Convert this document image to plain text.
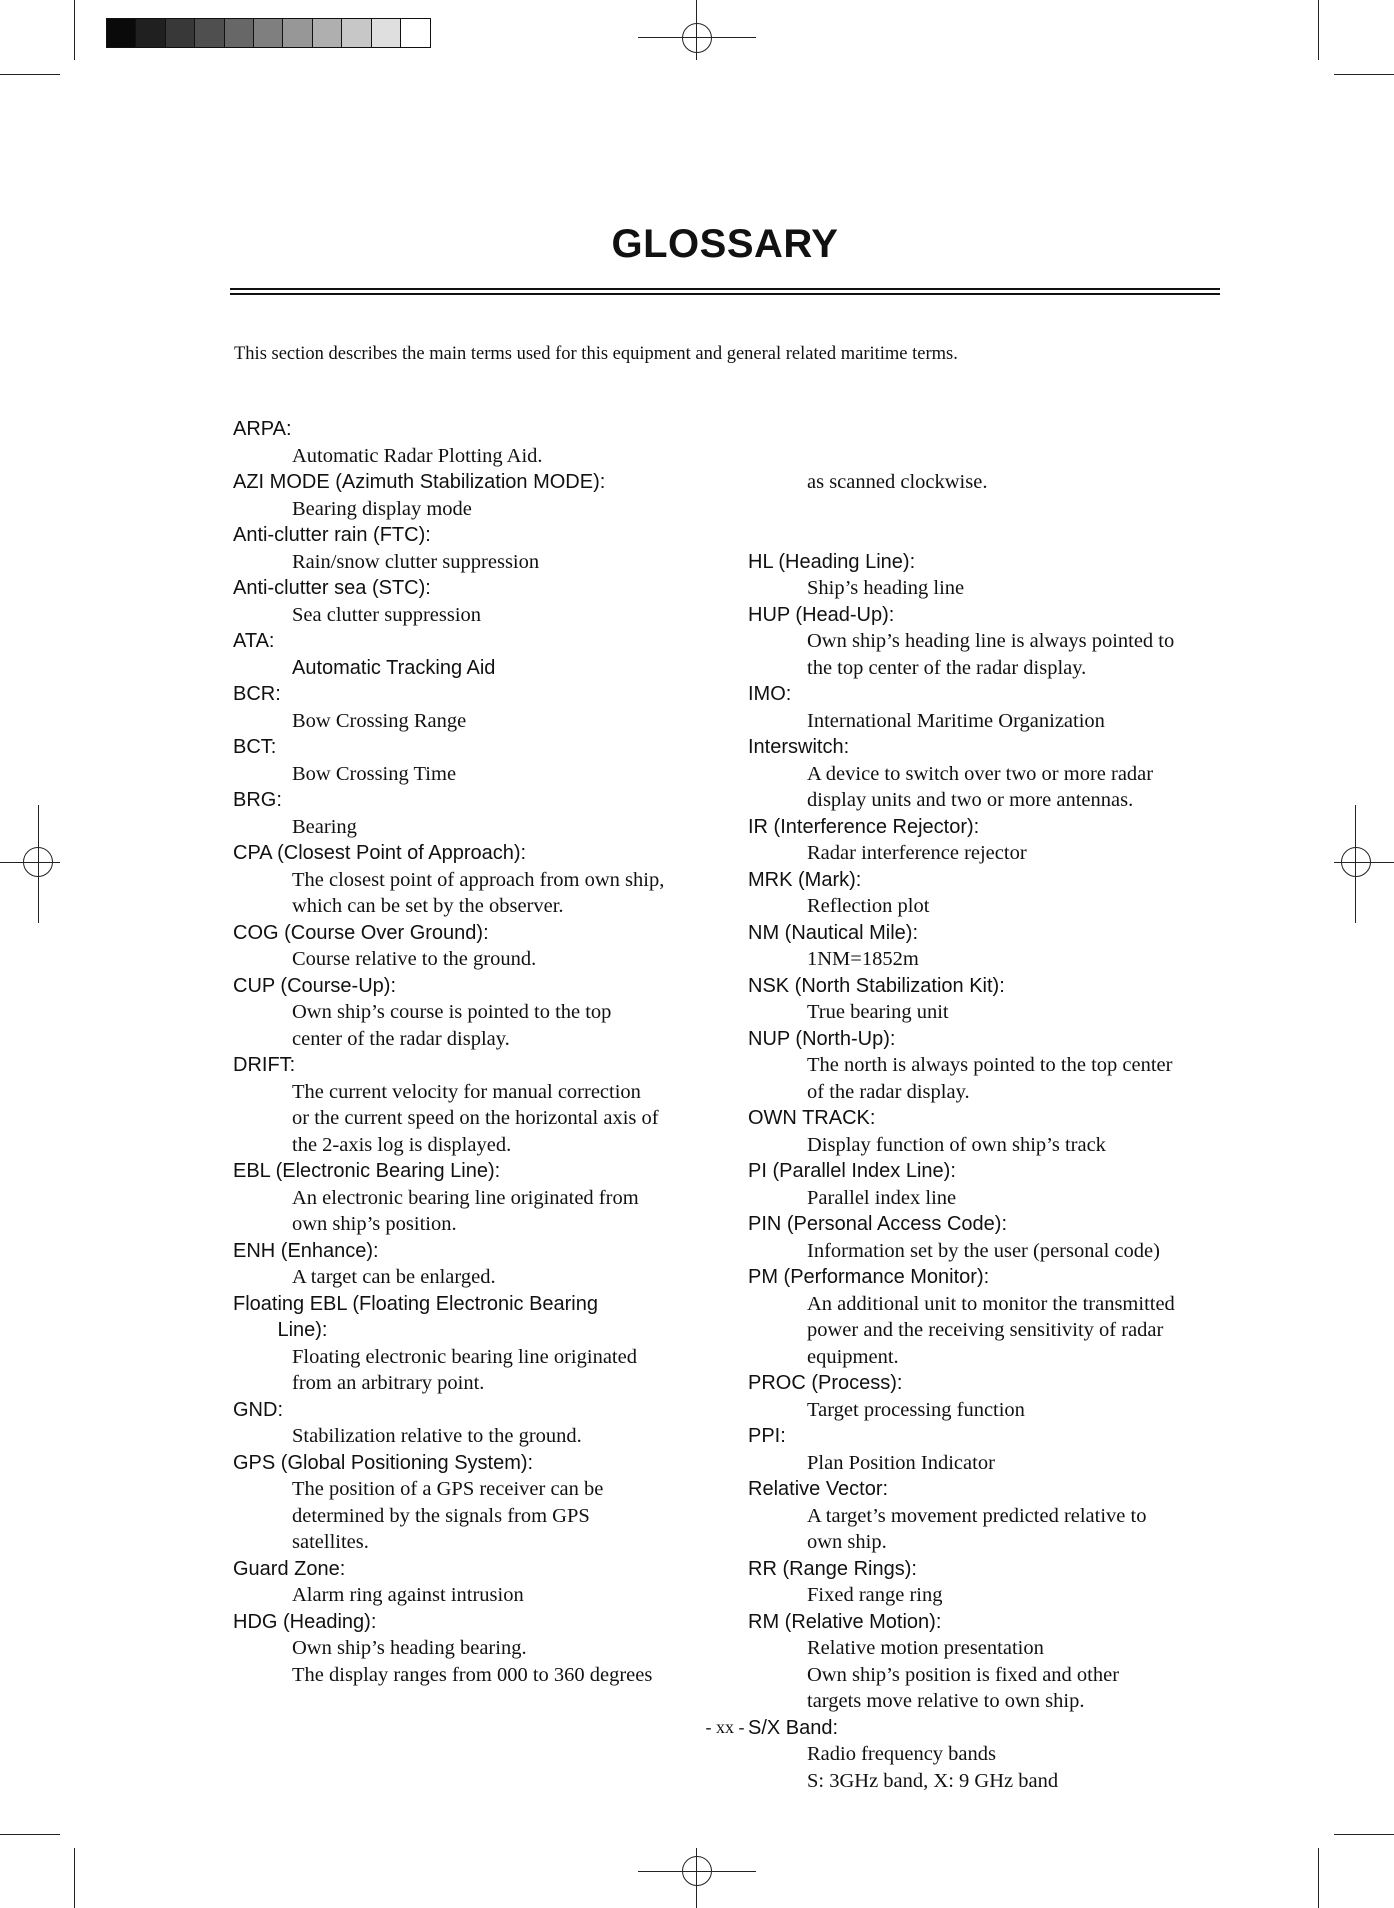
GLOSSARY
This section describes the main terms used for this equipment and general related maritime terms.
ARPA:
Automatic Radar Plotting Aid.
AZI MODE (Azimuth Stabilization MODE):
Bearing display mode
Anti-clutter rain (FTC):
Rain/snow clutter suppression
Anti-clutter sea (STC):
Sea clutter suppression
ATA:
Automatic Tracking Aid
BCR:
Bow Crossing Range
BCT:
Bow Crossing Time
BRG:
Bearing
CPA (Closest Point of Approach):
The closest point of approach from own ship,
which can be set by the observer.
COG (Course Over Ground):
Course relative to the ground.
CUP (Course-Up):
Own ship’s course is pointed to the top
center of the radar display.
DRIFT:
The current velocity for manual correction
or the current speed on the horizontal axis of
the 2-axis log is displayed.
EBL (Electronic Bearing Line):
An electronic bearing line originated from
own ship’s position.
ENH (Enhance):
A target can be enlarged.
Floating EBL (Floating Electronic Bearing
Line):
Floating electronic bearing line originated
from an arbitrary point.
GND:
Stabilization relative to the ground.
GPS (Global Positioning System):
The position of a GPS receiver can be
determined by the signals from GPS
satellites.
Guard Zone:
Alarm ring against intrusion
HDG (Heading):
Own ship’s heading bearing.
The display ranges from 000 to 360 degrees

as scanned clockwise.

HL (Heading Line):
Ship’s heading line
HUP (Head-Up):
Own ship’s heading line is always pointed to
the top center of the radar display.
IMO:
International Maritime Organization
Interswitch:
A device to switch over two or more radar
display units and two or more antennas.
IR (Interference Rejector):
Radar interference rejector
MRK (Mark):
Reflection plot
NM (Nautical Mile):
1NM=1852m
NSK (North Stabilization Kit):
True bearing unit
NUP (North-Up):
The north is always pointed to the top center
of the radar display.
OWN TRACK:
Display function of own ship’s track
PI (Parallel Index Line):
Parallel index line
PIN (Personal Access Code):
Information set by the user (personal code)
PM (Performance Monitor):
An additional unit to monitor the transmitted
power and the receiving sensitivity of radar
equipment.
PROC (Process):
Target processing function
PPI:
Plan Position Indicator
Relative Vector:
A target’s movement predicted relative to
own ship.
RR (Range Rings):
Fixed range ring
RM (Relative Motion):
Relative motion presentation
Own ship’s position is fixed and other
targets move relative to own ship.
S/X Band:
Radio frequency bands
S: 3GHz band, X: 9 GHz band
- xx -
